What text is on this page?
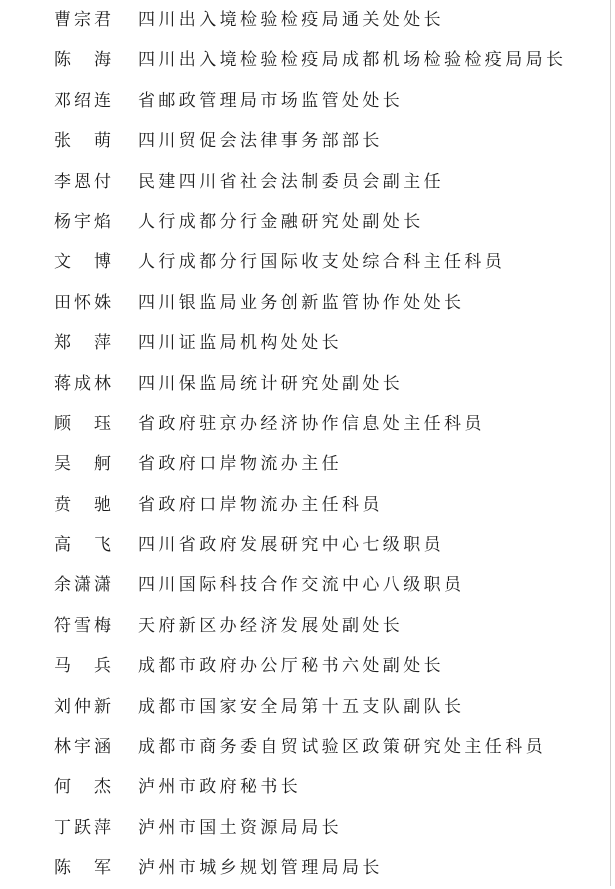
曹宗君 四川出入境检验检疫局通关处处长
陈海 四川出入境检验检疫局成都机场检验检疫局局长
邓绍连 省邮政管理局市场监管处处长
张萌 四川贸促会法律事务部部长
李恩付 民建四川省社会法制委员会副主任
杨宇焰 人行成都分行金融研究处副处长
文博 人行成都分行国际收支处综合科主任科员
田怀姝 四川银监局业务创新监管协作处处长
郑萍 四川证监局机构处处长
蒋成林 四川保监局统计研究处副处长
顾珏 省政府驻京办经济协作信息处主任科员
吴舸 省政府口岸物流办主任
贲驰 省政府口岸物流办主任科员
高飞 四川省政府发展研究中心七级职员
余潇潇 四川国际科技合作交流中心八级职员
符雪梅 天府新区办经济发展处副处长
马兵 成都市政府办公厅秘书六处副处长
刘仲新 成都市国家安全局第十五支队副队长
林宇涵 成都市商务委自贸试验区政策研究处主任科员
何杰 泸州市政府秘书长
丁跃萍 泸州市国土资源局局长
陈军 泸州市城乡规划管理局局长
